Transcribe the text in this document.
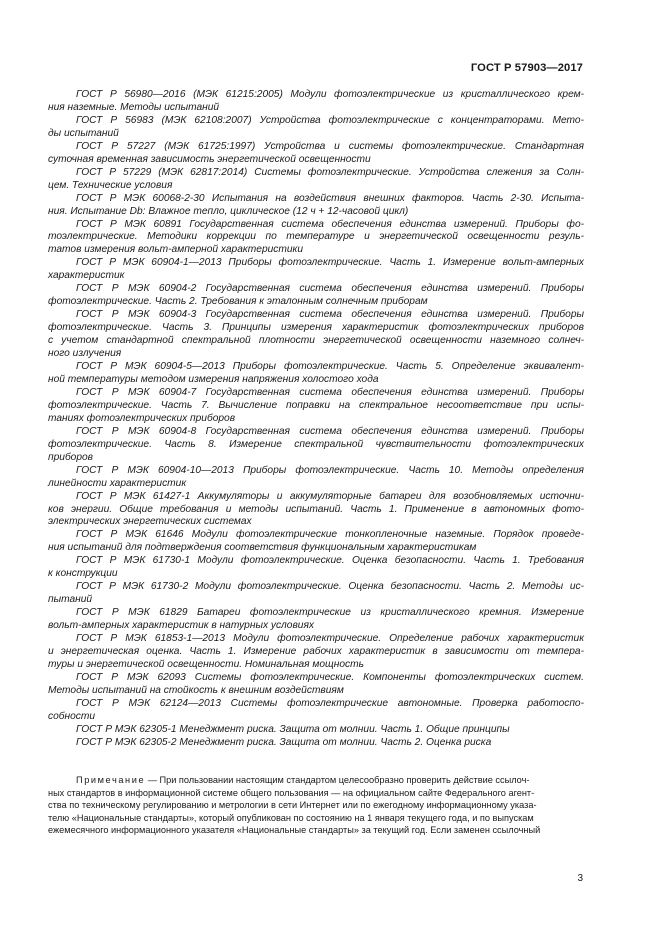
ГОСТ Р 57903—2017

ГОСТ Р 56980—2016 (МЭК 61215:2005) Модули фотоэлектрические из кристаллического крем-

ния наземные. Методы испытаний

ГОСТ Р 56983 (МЭК 62108:2007) Устройства фотоэлектрические с концентраторами. Мето-

ды испытаний

ГОСТ Р 57227 (МЭК 61725:1997) Устройства и системы фотоэлектрические. Стандартная

суточная временная зависимость энергетической освещенности

ГОСТ Р 57229 (МЭК 62817:2014) Системы фотоэлектрические. Устройства слежения за Солн-

цем. Технические условия

ГОСТ Р МЭК 60068-2-30 Испытания на воздействия внешних факторов. Часть 2-30. Испыта-

ния. Испытание Db: Влажное тепло, циклическое (12 ч + 12-часовой цикл)

ГОСТ Р МЭК 60891 Государственная система обеспечения единства измерений. Приборы фо-

тоэлектрические. Методики коррекции по температуре и энергетической освещенности резуль-

татов измерения вольт-амперной характеристики

ГОСТ Р МЭК 60904-1—2013 Приборы фотоэлектрические. Часть 1. Измерение вольт-амперных

характеристик

ГОСТ Р МЭК 60904-2 Государственная система обеспечения единства измерений. Приборы

фотоэлектрические. Часть 2. Требования к эталонным солнечным приборам

ГОСТ Р МЭК 60904-3 Государственная система обеспечения единства измерений. Приборы

фотоэлектрические. Часть 3. Принципы измерения характеристик фотоэлектрических приборов

с учетом стандартной спектральной плотности энергетической освещенности наземного солнеч-

ного излучения

ГОСТ Р МЭК 60904-5—2013 Приборы фотоэлектрические. Часть 5. Определение эквивалент-

ной температуры методом измерения напряжения холостого хода

ГОСТ Р МЭК 60904-7 Государственная система обеспечения единства измерений. Приборы

фотоэлектрические. Часть 7. Вычисление поправки на спектральное несоответствие при испы-

таниях фотоэлектрических приборов

ГОСТ Р МЭК 60904-8 Государственная система обеспечения единства измерений. Приборы

фотоэлектрические. Часть 8. Измерение спектральной чувствительности фотоэлектрических

приборов

ГОСТ Р МЭК 60904-10—2013 Приборы фотоэлектрические. Часть 10. Методы определения

линейности характеристик

ГОСТ Р МЭК 61427-1 Аккумуляторы и аккумуляторные батареи для возобновляемых источни-

ков энергии. Общие требования и методы испытаний. Часть 1. Применение в автономных фото-

электрических энергетических системах

ГОСТ Р МЭК 61646 Модули фотоэлектрические тонкопленочные наземные. Порядок проведе-

ния испытаний для подтверждения соответствия функциональным характеристикам

ГОСТ Р МЭК 61730-1 Модули фотоэлектрические. Оценка безопасности. Часть 1. Требования

к конструкции

ГОСТ Р МЭК 61730-2 Модули фотоэлектрические. Оценка безопасности. Часть 2. Методы ис-

пытаний

ГОСТ Р МЭК 61829 Батареи фотоэлектрические из кристаллического кремния. Измерение

вольт-амперных характеристик в натурных условиях

ГОСТ Р МЭК 61853-1—2013 Модули фотоэлектрические. Определение рабочих характеристик

и энергетическая оценка. Часть 1. Измерение рабочих характеристик в зависимости от темпера-

туры и энергетической освещенности. Номинальная мощность

ГОСТ Р МЭК 62093 Системы фотоэлектрические. Компоненты фотоэлектрических систем.

Методы испытаний на стойкость к внешним воздействиям

ГОСТ Р МЭК 62124—2013 Системы фотоэлектрические автономные. Проверка работоспо-

собности

ГОСТ Р МЭК 62305-1 Менеджмент риска. Защита от молнии. Часть 1. Общие принципы

ГОСТ Р МЭК 62305-2 Менеджмент риска. Защита от молнии. Часть 2. Оценка риска

Примечание — При пользовании настоящим стандартом целесообразно проверить действие ссылоч-

ных стандартов в информационной системе общего пользования — на официальном сайте Федерального агент-

ства по техническому регулированию и метрологии в сети Интернет или по ежегодному информационному указа-

телю «Национальные стандарты», который опубликован по состоянию на 1 января текущего года, и по выпускам

ежемесячного информационного указателя «Национальные стандарты» за текущий год. Если заменен ссылочный

3
